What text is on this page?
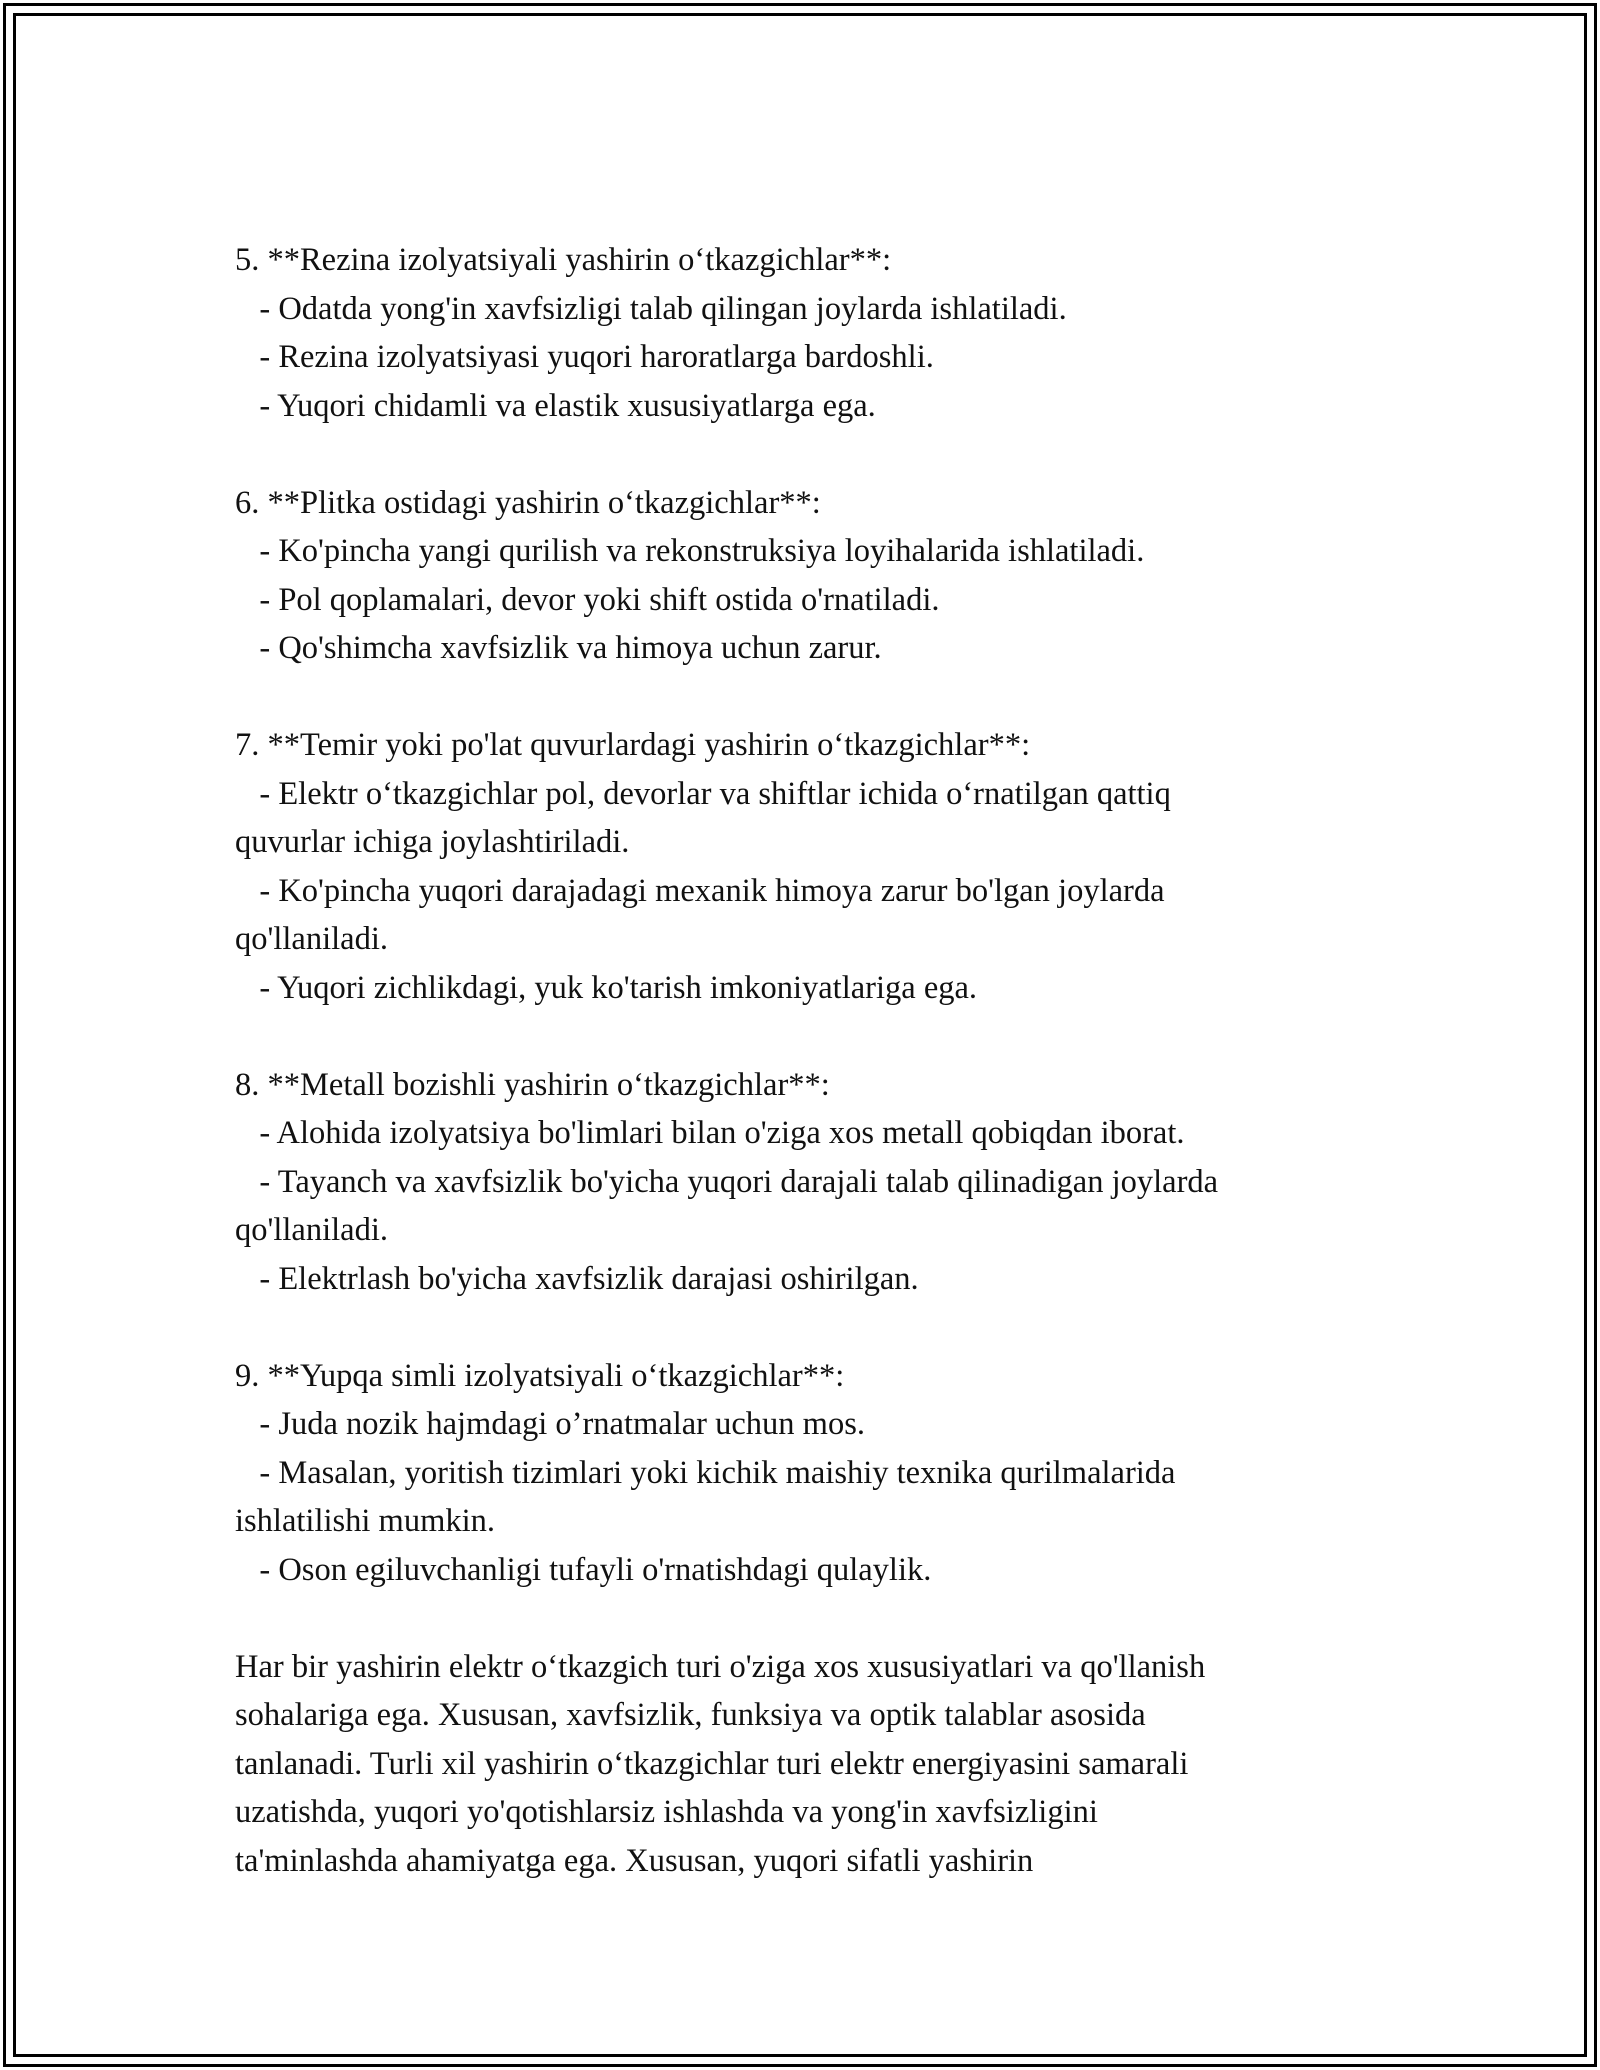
5. **Rezina izolyatsiyali yashirin o‘tkazgichlar**:
- Odatda yong'in xavfsizligi talab qilingan joylarda ishlatiladi.
- Rezina izolyatsiyasi yuqori haroratlarga bardoshli.
- Yuqori chidamli va elastik xususiyatlarga ega.
6. **Plitka ostidagi yashirin o‘tkazgichlar**:
- Ko'pincha yangi qurilish va rekonstruksiya loyihalarida ishlatiladi.
- Pol qoplamalari, devor yoki shift ostida o'rnatiladi.
- Qo'shimcha xavfsizlik va himoya uchun zarur.
7. **Temir yoki po'lat quvurlardagi yashirin o‘tkazgichlar**:
- Elektr o‘tkazgichlar pol, devorlar va shiftlar ichida o‘rnatilgan qattiq
quvurlar ichiga joylashtiriladi.
- Ko'pincha yuqori darajadagi mexanik himoya zarur bo'lgan joylarda
qo'llaniladi.
- Yuqori zichlikdagi, yuk ko'tarish imkoniyatlariga ega.
8. **Metall bozishli yashirin o‘tkazgichlar**:
- Alohida izolyatsiya bo'limlari bilan o'ziga xos metall qobiqdan iborat.
- Tayanch va xavfsizlik bo'yicha yuqori darajali talab qilinadigan joylarda
qo'llaniladi.
- Elektrlash bo'yicha xavfsizlik darajasi oshirilgan.
9. **Yupqa simli izolyatsiyali o‘tkazgichlar**:
- Juda nozik hajmdagi o’rnatmalar uchun mos.
- Masalan, yoritish tizimlari yoki kichik maishiy texnika qurilmalarida
ishlatilishi mumkin.
- Oson egiluvchanligi tufayli o'rnatishdagi qulaylik.
Har bir yashirin elektr o‘tkazgich turi o'ziga xos xususiyatlari va qo'llanish
sohalariga ega. Xususan, xavfsizlik, funksiya va optik talablar asosida
tanlanadi. Turli xil yashirin o‘tkazgichlar turi elektr energiyasini samarali
uzatishda, yuqori yo'qotishlarsiz ishlashda va yong'in xavfsizligini
ta'minlashda ahamiyatga ega. Xususan, yuqori sifatli yashirin
